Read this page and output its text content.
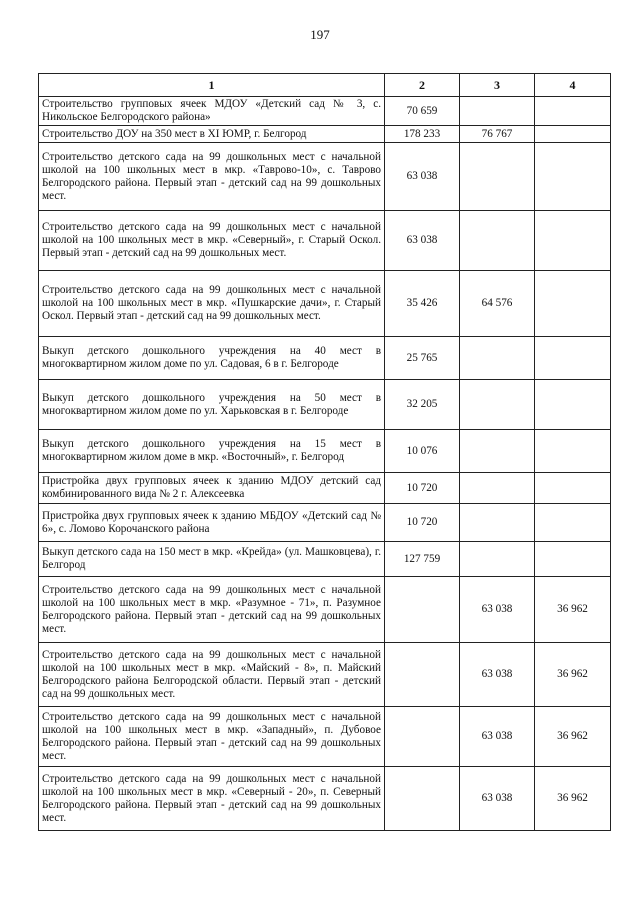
197
1	2	3	4
Строительство групповых ячеек МДОУ «Детский сад № 3, с. Никольское Белгородского района»	70 659		
Строительство ДОУ на 350 мест в XI ЮМР, г. Белгород	178 233	76 767	
Строительство детского сада на 99 дошкольных мест с начальной школой на 100 школьных мест в мкр. «Таврово-10», с. Таврово Белгородского района. Первый этап - детский сад на 99 дошкольных мест.	63 038		
Строительство детского сада на 99 дошкольных мест с начальной школой на 100 школьных мест в мкр. «Северный», г. Старый Оскол. Первый этап - детский сад на 99 дошкольных мест.	63 038		
Строительство детского сада на 99 дошкольных мест с начальной школой на 100 школьных мест в мкр. «Пушкарские дачи», г. Старый Оскол. Первый этап - детский сад на 99 дошкольных мест.	35 426	64 576	
Выкуп детского дошкольного учреждения на 40 мест в многоквартирном жилом доме по ул. Садовая, 6 в г. Белгороде	25 765		
Выкуп детского дошкольного учреждения на 50 мест в многоквартирном жилом доме по ул. Харьковская в г. Белгороде	32 205		
Выкуп детского дошкольного учреждения на 15 мест в многоквартирном жилом доме в мкр. «Восточный», г. Белгород	10 076		
Пристройка двух групповых ячеек к зданию МДОУ детский сад комбинированного вида № 2 г. Алексеевка	10 720		
Пристройка двух групповых ячеек к зданию МБДОУ «Детский сад № 6», с. Ломово Корочанского района	10 720		
Выкуп детского сада на 150 мест в мкр. «Крейда» (ул. Машковцева), г. Белгород	127 759		
Строительство детского сада на 99 дошкольных мест с начальной школой на 100 школьных мест в мкр. «Разумное - 71», п. Разумное Белгородского района. Первый этап - детский сад на 99 дошкольных мест.		63 038	36 962
Строительство детского сада на 99 дошкольных мест с начальной школой на 100 школьных мест в мкр. «Майский - 8», п. Майский Белгородского района Белгородской области. Первый этап - детский сад на 99 дошкольных мест.		63 038	36 962
Строительство детского сада на 99 дошкольных мест с начальной школой на 100 школьных мест в мкр. «Западный», п. Дубовое Белгородского района. Первый этап - детский сад на 99 дошкольных мест.		63 038	36 962
Строительство детского сада на 99 дошкольных мест с начальной школой на 100 школьных мест в мкр. «Северный - 20», п. Северный Белгородского района. Первый этап - детский сад на 99 дошкольных мест.		63 038	36 962
